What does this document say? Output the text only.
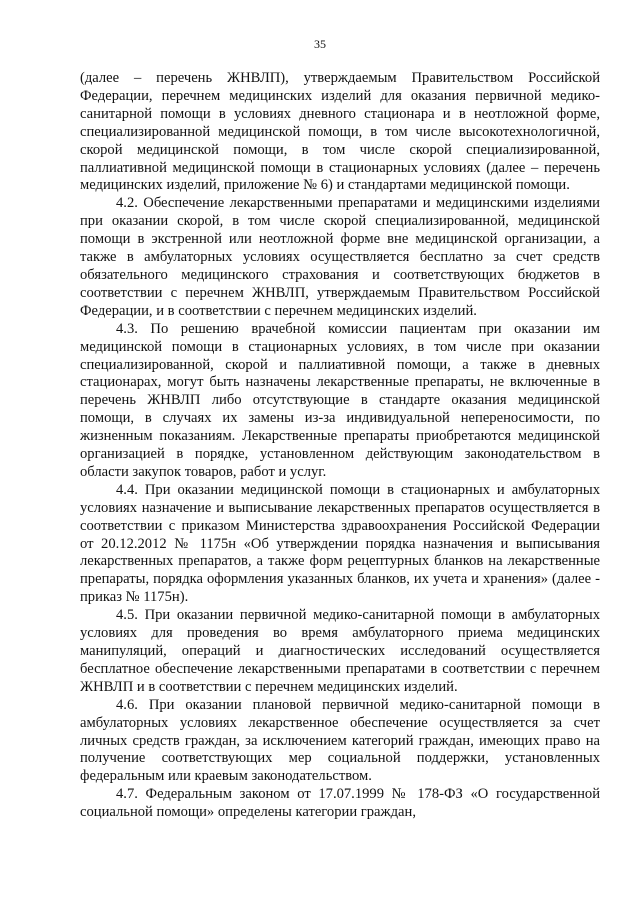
35

(далее – перечень ЖНВЛП), утверждаемым Правительством Российской Федерации, перечнем медицинских изделий для оказания первичной медико-санитарной помощи в условиях дневного стационара и в неотложной форме, специализированной медицинской помощи, в том числе высокотехнологичной, скорой медицинской помощи, в том числе скорой специализированной, паллиативной медицинской помощи в стационарных условиях (далее – перечень медицинских изделий, приложение № 6) и стандартами медицинской помощи.

4.2. Обеспечение лекарственными препаратами и медицинскими изделиями при оказании скорой, в том числе скорой специализированной, медицинской помощи в экстренной или неотложной форме вне медицинской организации, а также в амбулаторных условиях осуществляется бесплатно за счет средств обязательного медицинского страхования и соответствующих бюджетов в соответствии с перечнем ЖНВЛП, утверждаемым Правительством Российской Федерации, и в соответствии с перечнем медицинских изделий.

4.3. По решению врачебной комиссии пациентам при оказании им медицинской помощи в стационарных условиях, в том числе при оказании специализированной, скорой и паллиативной помощи, а также в дневных стационарах, могут быть назначены лекарственные препараты, не включенные в перечень ЖНВЛП либо отсутствующие в стандарте оказания медицинской помощи, в случаях их замены из-за индивидуальной непереносимости, по жизненным показаниям. Лекарственные препараты приобретаются медицинской организацией в порядке, установленном действующим законодательством в области закупок товаров, работ и услуг.

4.4. При оказании медицинской помощи в стационарных и амбулаторных условиях назначение и выписывание лекарственных препаратов осуществляется в соответствии с приказом Министерства здравоохранения Российской Федерации от 20.12.2012 № 1175н «Об утверждении порядка назначения и выписывания лекарственных препаратов, а также форм рецептурных бланков на лекарственные препараты, порядка оформления указанных бланков, их учета и хранения» (далее - приказ № 1175н).

4.5. При оказании первичной медико-санитарной помощи в амбулаторных условиях для проведения во время амбулаторного приема медицинских манипуляций, операций и диагностических исследований осуществляется бесплатное обеспечение лекарственными препаратами в соответствии с перечнем ЖНВЛП и в соответствии с перечнем медицинских изделий.

4.6. При оказании плановой первичной медико-санитарной помощи в амбулаторных условиях лекарственное обеспечение осуществляется за счет личных средств граждан, за исключением категорий граждан, имеющих право на получение соответствующих мер социальной поддержки, установленных федеральным или краевым законодательством.

4.7. Федеральным законом от 17.07.1999 № 178-ФЗ «О государственной социальной помощи» определены категории граждан,
